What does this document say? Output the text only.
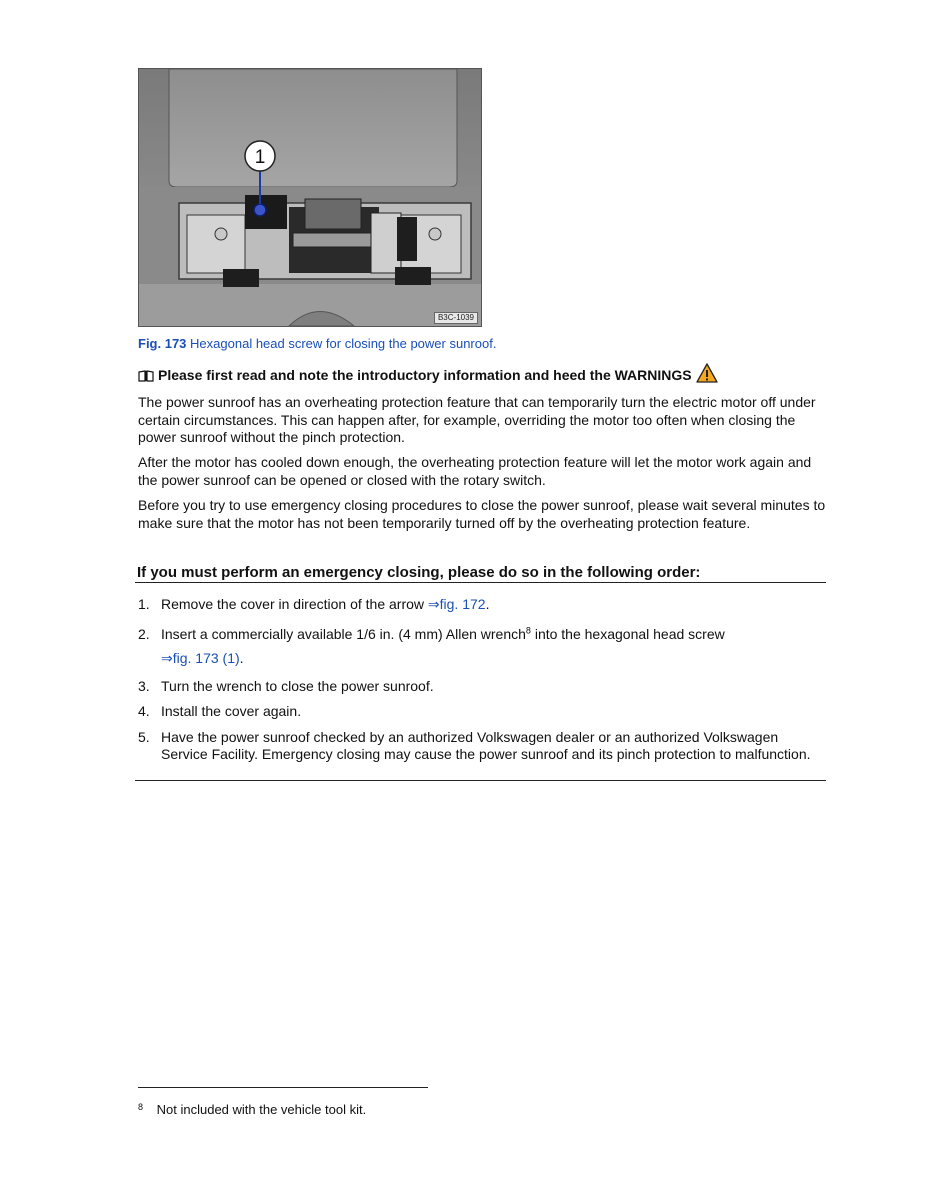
1
B3C-1039
Fig. 173 Hexagonal head screw for closing the power sunroof.
Please first read and note the introductory information and heed the WARNINGS

The power sunroof has an overheating protection feature that can temporarily turn the electric motor off under certain circumstances. This can happen after, for example, overriding the motor too often when closing the power sunroof without the pinch protection.

After the motor has cooled down enough, the overheating protection feature will let the motor work again and the power sunroof can be opened or closed with the rotary switch.

Before you try to use emergency closing procedures to close the power sunroof, please wait several minutes to make sure that the motor has not been temporarily turned off by the overheating protection feature.

If you must perform an emergency closing, please do so in the following order:
1. Remove the cover in direction of the arrow ⇒fig. 172.
2. Insert a commercially available 1/6 in. (4 mm) Allen wrench$^8$ into the hexagonal head screw
⇒fig. 173 (1).
3. Turn the wrench to close the power sunroof.
4. Install the cover again.
5. Have the power sunroof checked by an authorized Volkswagen dealer or an authorized Volkswagen Service Facility. Emergency closing may cause the power sunroof and its pinch protection to malfunction.
$^8$ Not included with the vehicle tool kit.
